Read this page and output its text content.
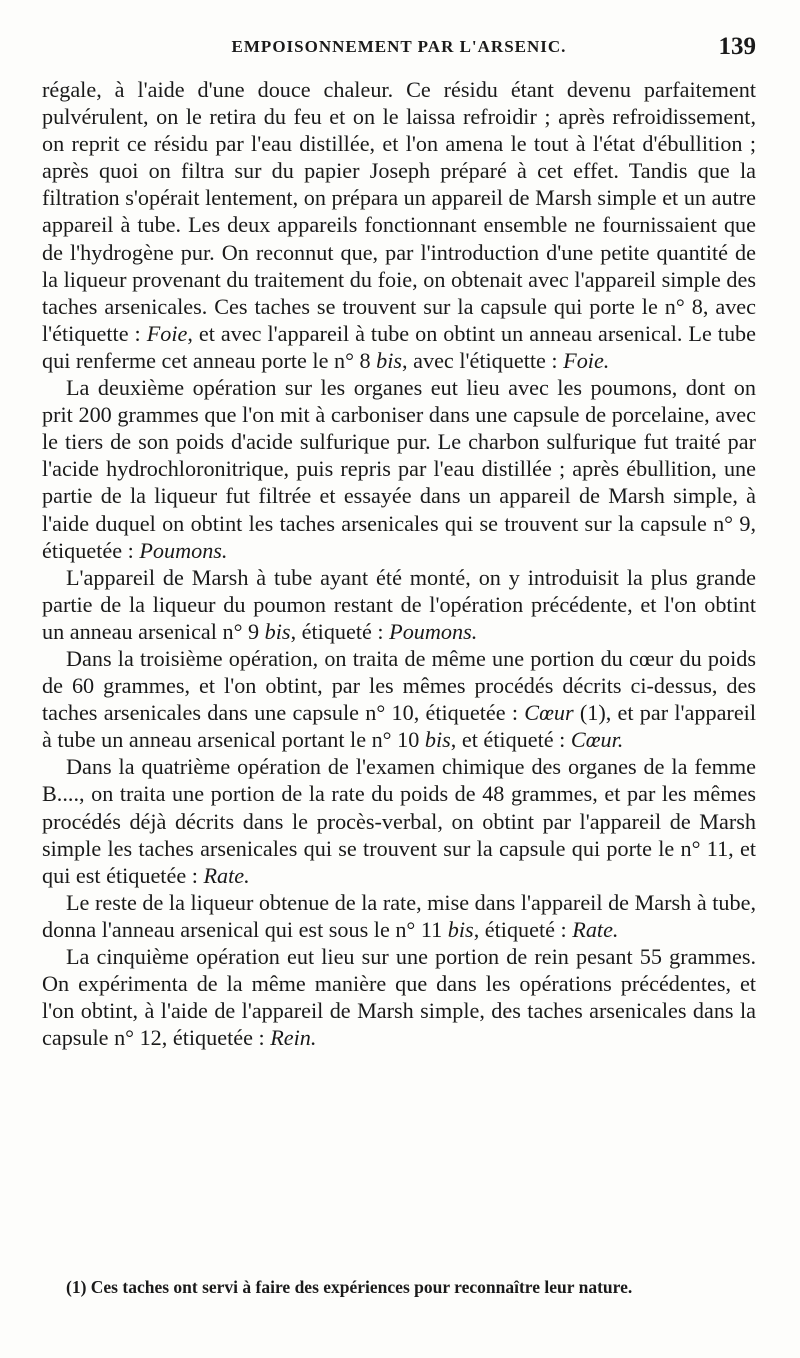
EMPOISONNEMENT PAR L'ARSENIC.	139

régale, à l'aide d'une douce chaleur. Ce résidu étant devenu parfaitement pulvérulent, on le retira du feu et on le laissa refroidir ; après refroidissement, on reprit ce résidu par l'eau distillée, et l'on amena le tout à l'état d'ébullition ; après quoi on filtra sur du papier Joseph préparé à cet effet. Tandis que la filtration s'opérait lentement, on prépara un appareil de Marsh simple et un autre appareil à tube. Les deux appareils fonctionnant ensemble ne fournissaient que de l'hydrogène pur. On reconnut que, par l'introduction d'une petite quantité de la liqueur provenant du traitement du foie, on obtenait avec l'appareil simple des taches arsenicales. Ces taches se trouvent sur la capsule qui porte le n° 8, avec l'étiquette : Foie, et avec l'appareil à tube on obtint un anneau arsenical. Le tube qui renferme cet anneau porte le n° 8 bis, avec l'étiquette : Foie.

La deuxième opération sur les organes eut lieu avec les poumons, dont on prit 200 grammes que l'on mit à carboniser dans une capsule de porcelaine, avec le tiers de son poids d'acide sulfurique pur. Le charbon sulfurique fut traité par l'acide hydrochloronitrique, puis repris par l'eau distillée ; après ébullition, une partie de la liqueur fut filtrée et essayée dans un appareil de Marsh simple, à l'aide duquel on obtint les taches arsenicales qui se trouvent sur la capsule n° 9, étiquetée : Poumons.

L'appareil de Marsh à tube ayant été monté, on y introduisit la plus grande partie de la liqueur du poumon restant de l'opération précédente, et l'on obtint un anneau arsenical n° 9 bis, étiqueté : Poumons.

Dans la troisième opération, on traita de même une portion du cœur du poids de 60 grammes, et l'on obtint, par les mêmes procédés décrits ci-dessus, des taches arsenicales dans une capsule n° 10, étiquetée : Cœur (1), et par l'appareil à tube un anneau arsenical portant le n° 10 bis, et étiqueté : Cœur.

Dans la quatrième opération de l'examen chimique des organes de la femme B...., on traita une portion de la rate du poids de 48 grammes, et par les mêmes procédés déjà décrits dans le procès-verbal, on obtint par l'appareil de Marsh simple les taches arsenicales qui se trouvent sur la capsule qui porte le n° 11, et qui est étiquetée : Rate.

Le reste de la liqueur obtenue de la rate, mise dans l'appareil de Marsh à tube, donna l'anneau arsenical qui est sous le n° 11 bis, étiqueté : Rate.

La cinquième opération eut lieu sur une portion de rein pesant 55 grammes. On expérimenta de la même manière que dans les opérations précédentes, et l'on obtint, à l'aide de l'appareil de Marsh simple, des taches arsenicales dans la capsule n° 12, étiquetée : Rein.

(1) Ces taches ont servi à faire des expériences pour reconnaître leur nature.
